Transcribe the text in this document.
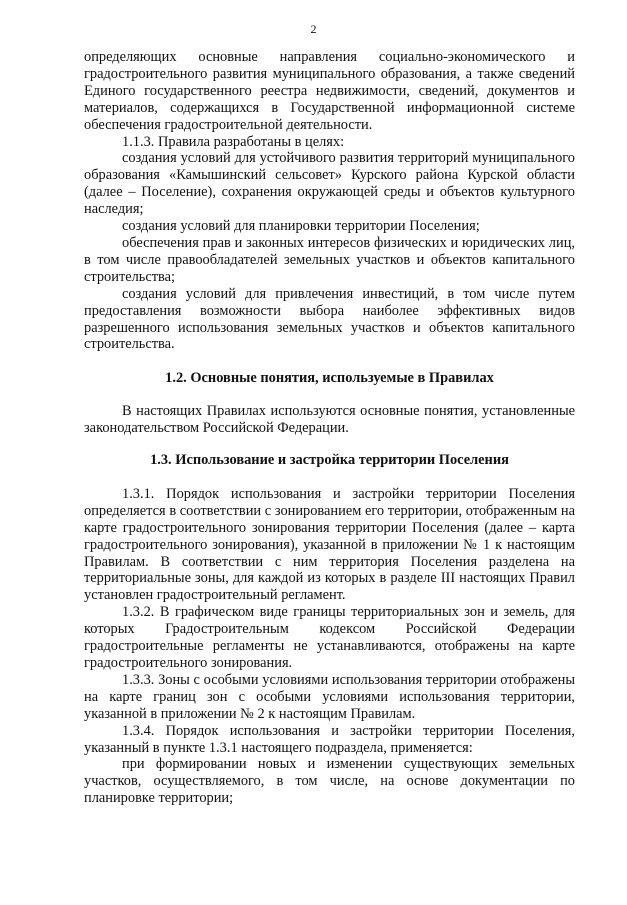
2

определяющих основные направления социально-экономического и градостроительного развития муниципального образования, а также сведений Единого государственного реестра недвижимости, сведений, документов и материалов, содержащихся в Государственной информационной системе обеспечения градостроительной деятельности.

1.1.3. Правила разработаны в целях:

создания условий для устойчивого развития территорий муниципального образования «Камышинский сельсовет» Курского района Курской области (далее – Поселение), сохранения окружающей среды и объектов культурного наследия;

создания условий для планировки территории Поселения;

обеспечения прав и законных интересов физических и юридических лиц, в том числе правообладателей земельных участков и объектов капитального строительства;

создания условий для привлечения инвестиций, в том числе путем предоставления возможности выбора наиболее эффективных видов разрешенного использования земельных участков и объектов капитального строительства.

1.2. Основные понятия, используемые в Правилах

В настоящих Правилах используются основные понятия, установленные законодательством Российской Федерации.

1.3. Использование и застройка территории Поселения

1.3.1. Порядок использования и застройки территории Поселения определяется в соответствии с зонированием его территории, отображенным на карте градостроительного зонирования территории Поселения (далее – карта градостроительного зонирования), указанной в приложении № 1 к настоящим Правилам. В соответствии с ним территория Поселения разделена на территориальные зоны, для каждой из которых в разделе III настоящих Правил установлен градостроительный регламент.

1.3.2. В графическом виде границы территориальных зон и земель, для которых Градостроительным кодексом Российской Федерации градостроительные регламенты не устанавливаются, отображены на карте градостроительного зонирования.

1.3.3. Зоны с особыми условиями использования территории отображены на карте границ зон с особыми условиями использования территории, указанной в приложении № 2 к настоящим Правилам.

1.3.4. Порядок использования и застройки территории Поселения, указанный в пункте 1.3.1 настоящего подраздела, применяется:

при формировании новых и изменении существующих земельных участков, осуществляемого, в том числе, на основе документации по планировке территории;
